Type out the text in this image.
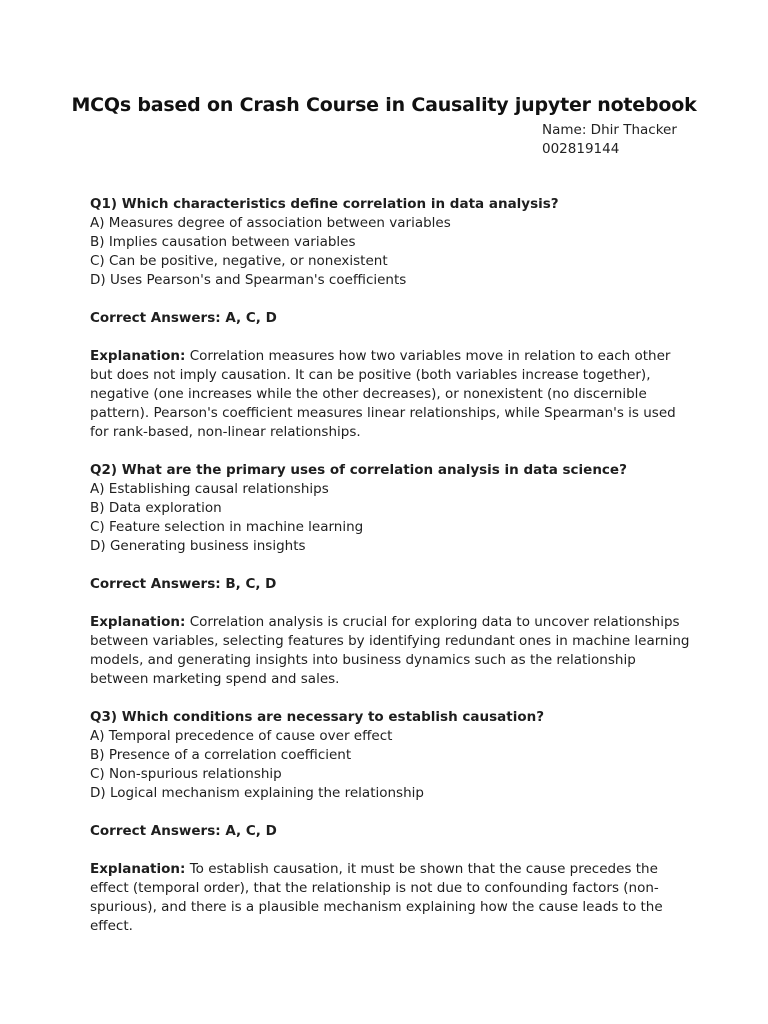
MCQs based on Crash Course in Causality jupyter notebook
Name: Dhir Thacker
002819144
Q1) Which characteristics define correlation in data analysis?
A) Measures degree of association between variables
B) Implies causation between variables
C) Can be positive, negative, or nonexistent
D) Uses Pearson's and Spearman's coefficients
Correct Answers: A, C, D
Explanation: Correlation measures how two variables move in relation to each other but does not imply causation. It can be positive (both variables increase together), negative (one increases while the other decreases), or nonexistent (no discernible pattern). Pearson's coefficient measures linear relationships, while Spearman's is used for rank-based, non-linear relationships.
Q2) What are the primary uses of correlation analysis in data science?
A) Establishing causal relationships
B) Data exploration
C) Feature selection in machine learning
D) Generating business insights
Correct Answers: B, C, D
Explanation: Correlation analysis is crucial for exploring data to uncover relationships between variables, selecting features by identifying redundant ones in machine learning models, and generating insights into business dynamics such as the relationship between marketing spend and sales.
Q3) Which conditions are necessary to establish causation?
A) Temporal precedence of cause over effect
B) Presence of a correlation coefficient
C) Non-spurious relationship
D) Logical mechanism explaining the relationship
Correct Answers: A, C, D
Explanation: To establish causation, it must be shown that the cause precedes the effect (temporal order), that the relationship is not due to confounding factors (non-spurious), and there is a plausible mechanism explaining how the cause leads to the effect.
